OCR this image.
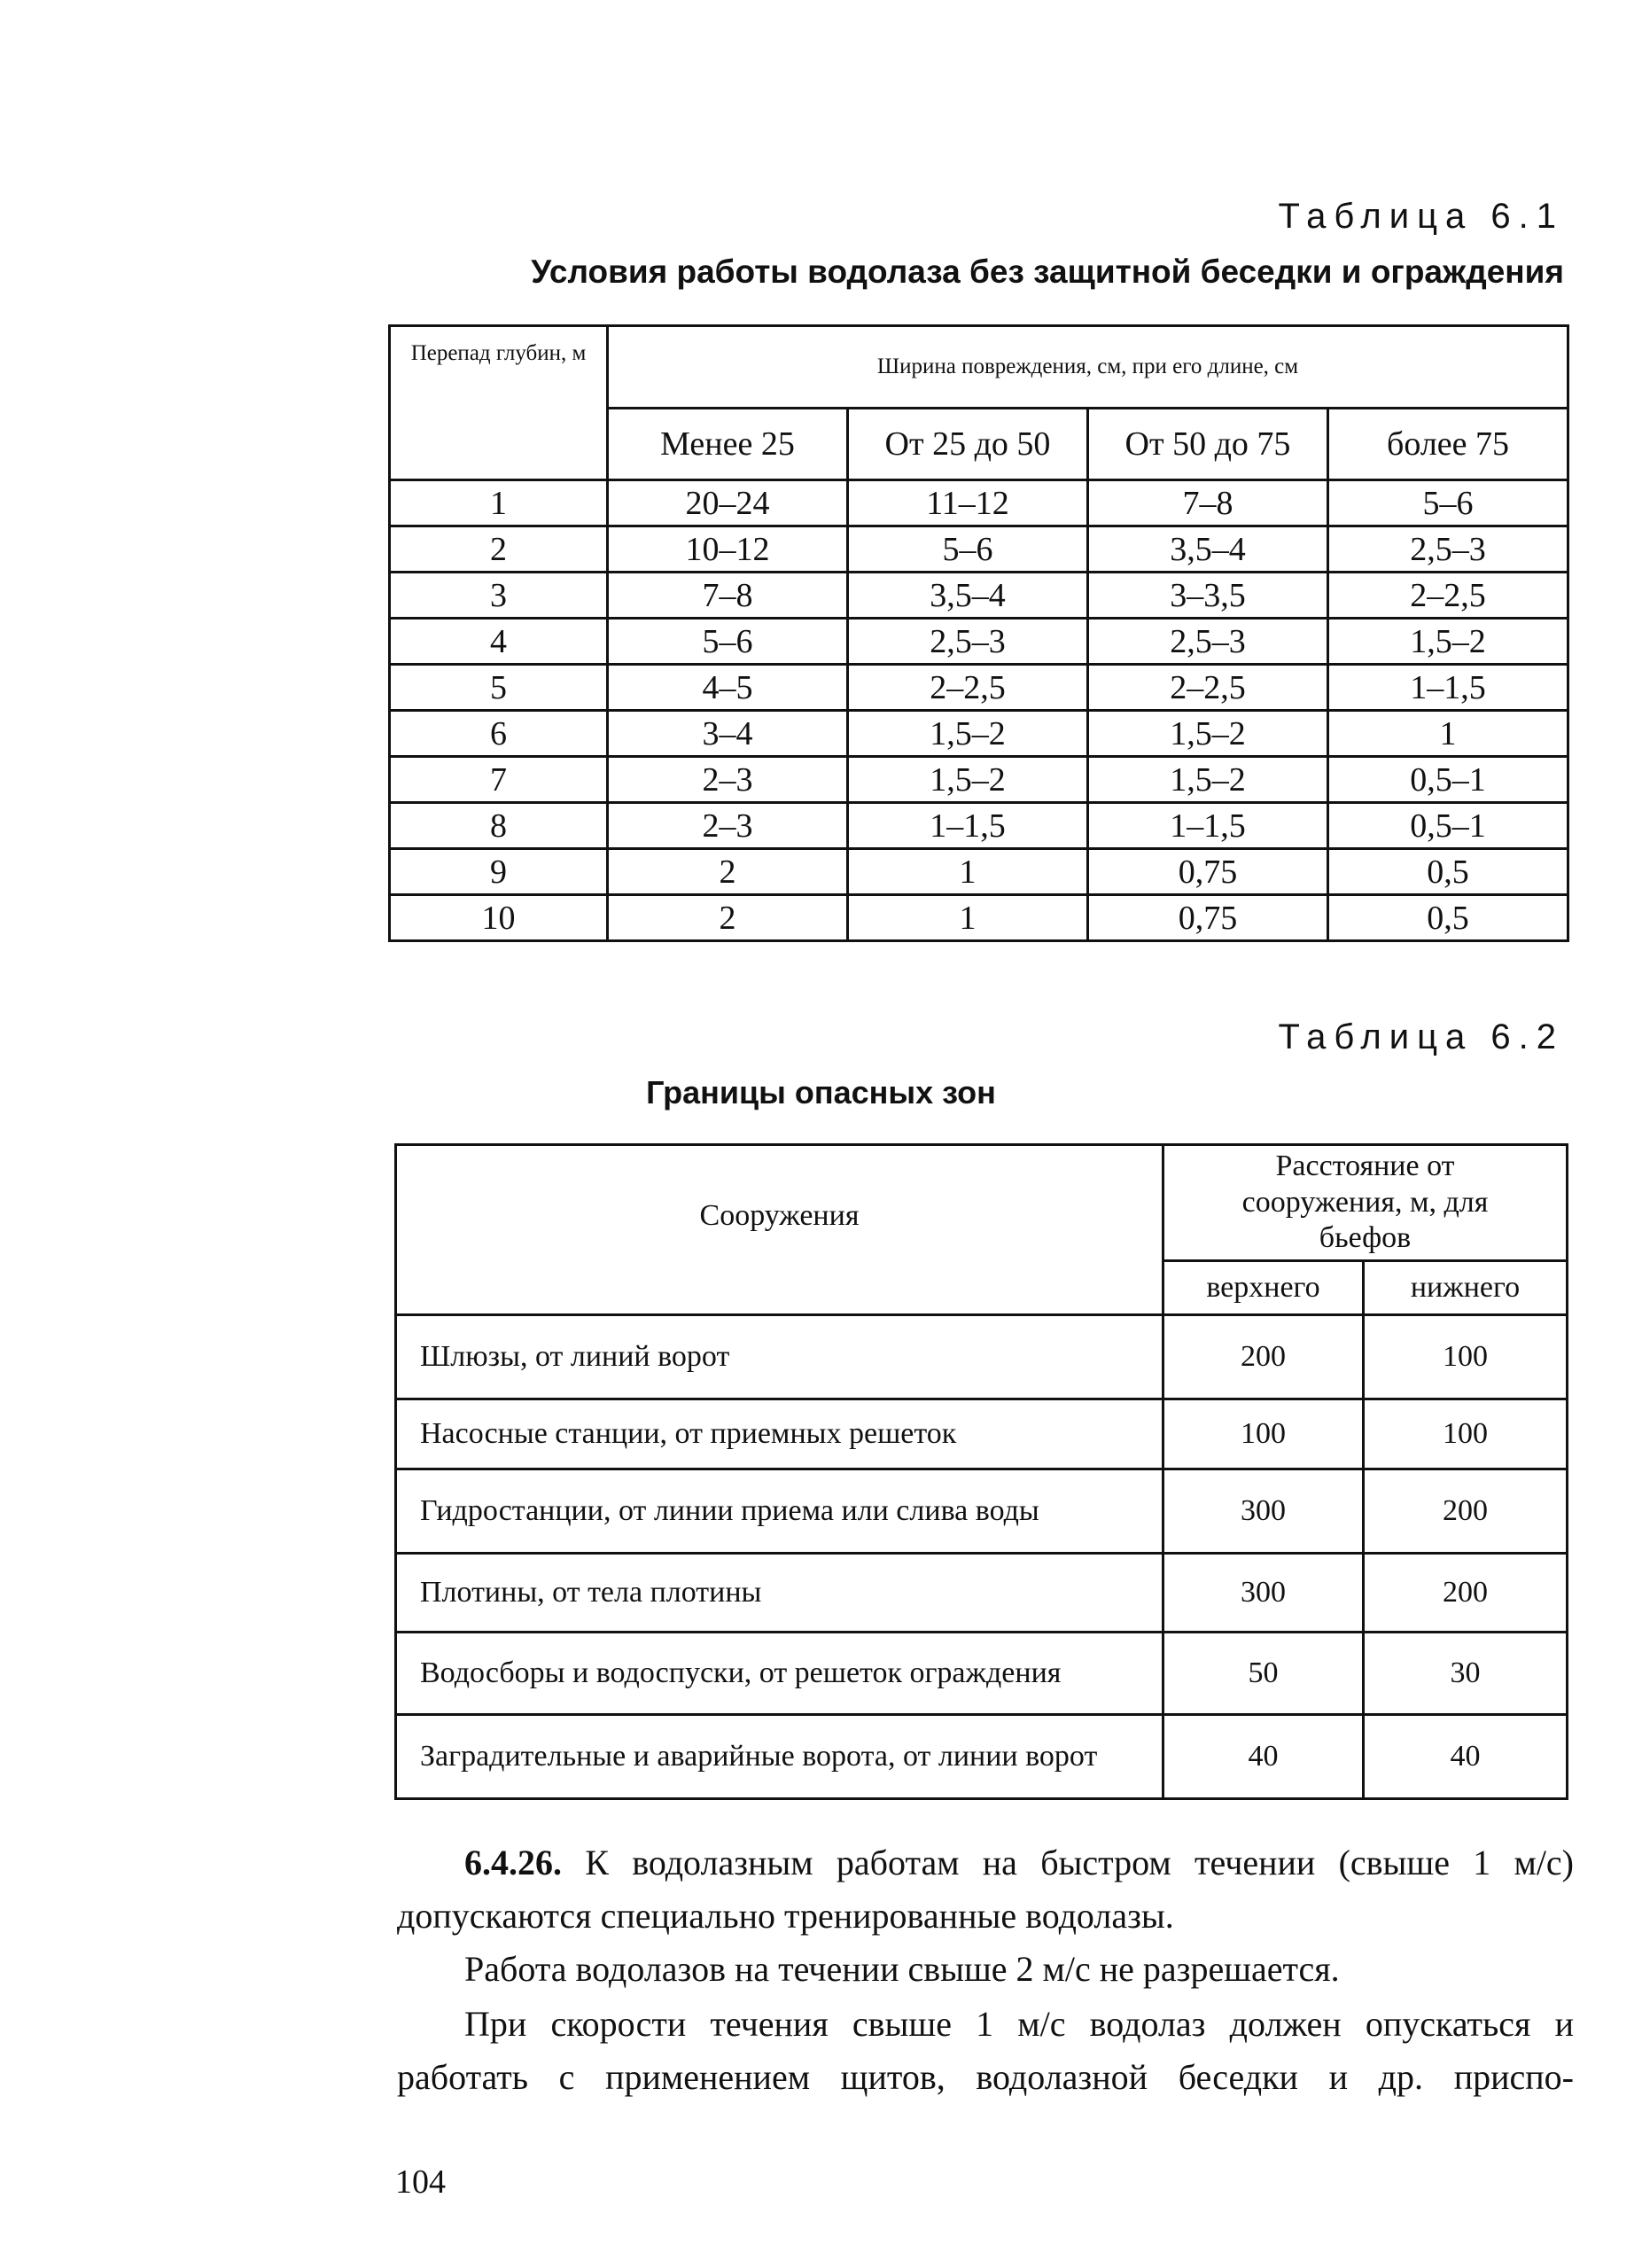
Таблица 6.1
Условия работы водолаза без защитной беседки и ограждения
Перепад глубин, м	Ширина повреждения, см, при его длине, см			
	Менее 25	От 25 до 50	От 50 до 75	более 75
1	20–24	11–12	7–8	5–6
2	10–12	5–6	3,5–4	2,5–3
3	7–8	3,5–4	3–3,5	2–2,5
4	5–6	2,5–3	2,5–3	1,5–2
5	4–5	2–2,5	2–2,5	1–1,5
6	3–4	1,5–2	1,5–2	1
7	2–3	1,5–2	1,5–2	0,5–1
8	2–3	1–1,5	1–1,5	0,5–1
9	2	1	0,75	0,5
10	2	1	0,75	0,5
Таблица 6.2
Границы опасных зон
Сооружения	Расстояние от сооружения, м, для бьефов	
	верхнего	нижнего
Шлюзы, от линий ворот	200	100
Насосные станции, от приемных решеток	100	100
Гидростанции, от линии приема или слива воды	300	200
Плотины, от тела плотины	300	200
Водосборы и водоспуски, от решеток ограждения	50	30
Заградительные и аварийные ворота, от линии ворот	40	40

6.4.26. К водолазным работам на быстром течении (свыше 1 м/с)

допускаются специально тренированные водолазы.

Работа водолазов на течении свыше 2 м/с не разрешается.

При скорости течения свыше 1 м/с водолаз должен опускаться и

работать с применением щитов, водолазной беседки и др. приспо-

104
